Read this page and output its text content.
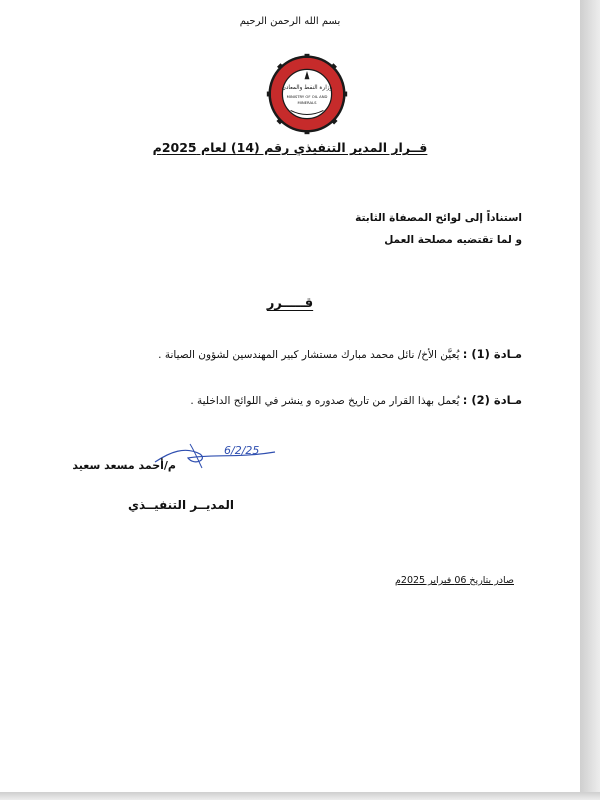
بسم الله الرحمن الرحيم
وزارة النفط والمعادن
MINISTRY OF OIL AND
MINERALS
قــرار المدير التنفيذي رقم (14) لعام 2025م
استناداً إلى لوائح المصفاة الثابتة
و لما تقتضيه مصلحة العمل
قـــــرر
مـادة (1) : يُعيَّن الأخ/ نائل محمد مبارك مستشار كبير المهندسين لشؤون الصيانة .
مـادة (2) : يُعمل بهذا القرار من تاريخ صدوره و ينشر في اللوائح الداخلية .
6/2/25
م/أحمد مسعد سعيد
المديــر التنفيــذي
صادر بتاريخ 06 فبراير 2025م
